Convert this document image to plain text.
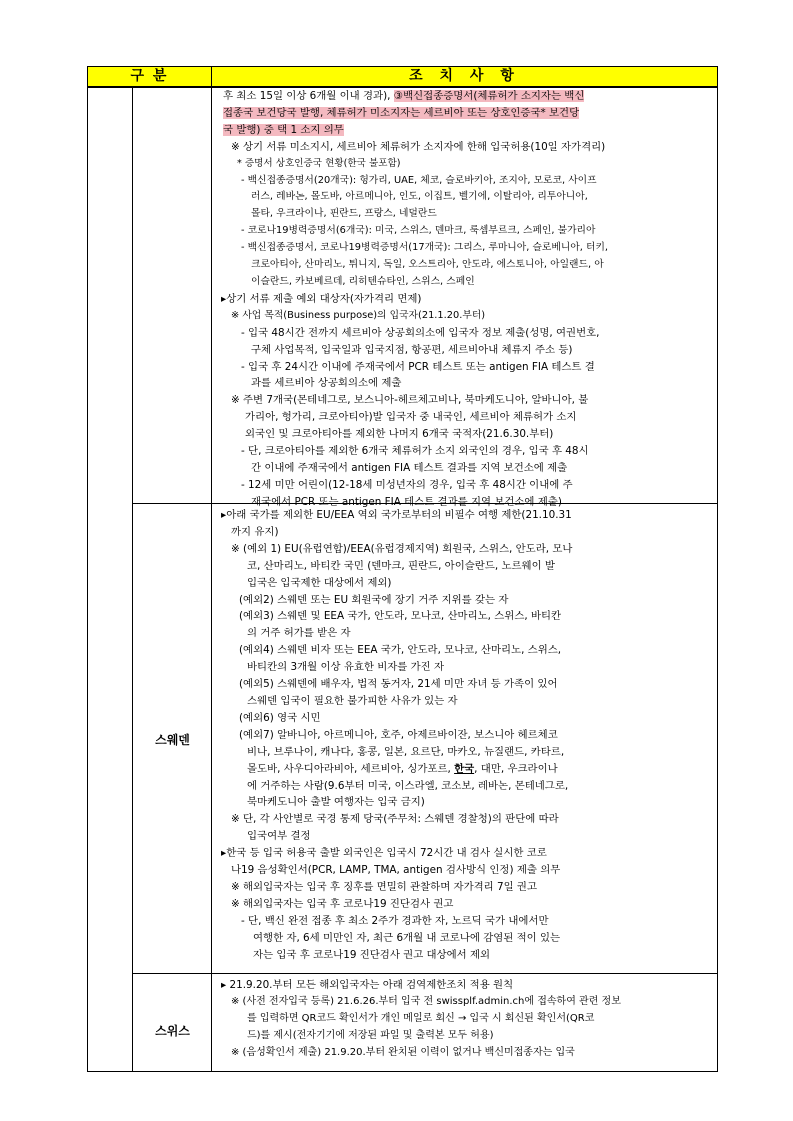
구 분	조 치 사 항
후 최소 15일 이상 6개월 이내 경과), ③백신접종증명서(체류허가 소지자는 백신
접종국 보건당국 발행, 체류허가 미소지자는 세르비아 또는 상호인증국* 보건당
국 발행) 중 택 1 소지 의무
※ 상기 서류 미소지시, 세르비아 체류허가 소지자에 한해 입국허용(10일 자가격리)
* 증명서 상호인증국 현황(한국 불포함)
- 백신접종증명서(20개국): 헝가리, UAE, 체코, 슬로바키아, 조지아, 모로코, 사이프
러스, 레바논, 몰도바, 아르메니아, 인도, 이집트, 벨기에, 이탈리아, 리투아니아,
몰타, 우크라이나, 핀란드, 프랑스, 네덜란드
- 코로나19병력증명서(6개국): 미국, 스위스, 덴마크, 룩셈부르크, 스페인, 불가리아
- 백신접종증명서, 코로나19병력증명서(17개국): 그리스, 루마니아, 슬로베니아, 터키,
크로아티아, 산마리노, 튀니지, 독일, 오스트리아, 안도라, 에스토니아, 아일랜드, 아
이슬란드, 카보베르데, 리히텐슈타인, 스위스, 스페인
▸상기 서류 제출 예외 대상자(자가격리 면제)
※ 사업 목적(Business purpose)의 입국자(21.1.20.부터)
- 입국 48시간 전까지 세르비아 상공회의소에 입국자 정보 제출(성명, 여권번호,
구체 사업목적, 입국일과 입국지점, 항공편, 세르비아내 체류지 주소 등)
- 입국 후 24시간 이내에 주재국에서 PCR 테스트 또는 antigen FIA 테스트 결
과를 세르비아 상공회의소에 제출
※ 주변 7개국(몬테네그로, 보스니아-헤르체고비나, 북마케도니아, 알바니아, 불
가리아, 헝가리, 크로아티아)발 입국자 중 내국인, 세르비아 체류허가 소지
외국인 및 크로아티아를 제외한 나머지 6개국 국적자(21.6.30.부터)
- 단, 크로아티아를 제외한 6개국 체류허가 소지 외국인의 경우, 입국 후 48시
간 이내에 주재국에서 antigen FIA 테스트 결과를 지역 보건소에 제출
- 12세 미만 어린이(12-18세 미성년자의 경우, 입국 후 48시간 이내에 주
재국에서 PCR 또는 antigen FIA 테스트 결과를 지역 보건소에 제출)
스웨덴
▸아래 국가를 제외한 EU/EEA 역외 국가로부터의 비필수 여행 제한(21.10.31
까지 유지)
※ (예외 1) EU(유럽연합)/EEA(유럽경제지역) 회원국, 스위스, 안도라, 모나
코, 산마리노, 바티칸 국민 (덴마크, 핀란드, 아이슬란드, 노르웨이 발
입국은 입국제한 대상에서 제외)
(예외2) 스웨덴 또는 EU 회원국에 장기 거주 지위를 갖는 자
(예외3) 스웨덴 및 EEA 국가, 안도라, 모나코, 산마리노, 스위스, 바티칸
의 거주 허가를 받은 자
(예외4) 스웨덴 비자 또는 EEA 국가, 안도라, 모나코, 산마리노, 스위스,
바티칸의 3개월 이상 유효한 비자를 가진 자
(예외5) 스웨덴에 배우자, 법적 동거자, 21세 미만 자녀 등 가족이 있어
스웨덴 입국이 필요한 불가피한 사유가 있는 자
(예외6) 영국 시민
(예외7) 알바니아, 아르메니아, 호주, 아제르바이잔, 보스니아 헤르체코
비나, 브루나이, 캐나다, 홍콩, 일본, 요르단, 마카오, 뉴질랜드, 카타르,
몰도바, 사우디아라비아, 세르비아, 싱가포르, 한국, 대만, 우크라이나
에 거주하는 사람(9.6부터 미국, 이스라엘, 코소보, 레바논, 몬테네그로,
북마케도니아 출발 여행자는 입국 금지)
※ 단, 각 사안별로 국경 통제 당국(주무처: 스웨덴 경찰청)의 판단에 따라
입국여부 결정
▸한국 등 입국 허용국 출발 외국인은 입국시 72시간 내 검사 실시한 코로
나19 음성확인서(PCR, LAMP, TMA, antigen 검사방식 인정) 제출 의무
※ 해외입국자는 입국 후 징후를 면밀히 관찰하며 자가격리 7일 권고
※ 해외입국자는 입국 후 코로나19 진단검사 권고
- 단, 백신 완전 접종 후 최소 2주가 경과한 자, 노르딕 국가 내에서만
여행한 자, 6세 미만인 자, 최근 6개월 내 코로나에 감염된 적이 있는
자는 입국 후 코로나19 진단검사 권고 대상에서 제외
스위스
▸ 21.9.20.부터 모든 해외입국자는 아래 검역제한조치 적용 원칙
※ (사전 전자입국 등록) 21.6.26.부터 입국 전 swissplf.admin.ch에 접속하여 관련 정보
를 입력하면 QR코드 확인서가 개인 메일로 회신 → 입국 시 회신된 확인서(QR코
드)를 제시(전자기기에 저장된 파일 및 출력본 모두 허용)
※ (음성확인서 제출) 21.9.20.부터 완치된 이력이 없거나 백신미접종자는 입국
